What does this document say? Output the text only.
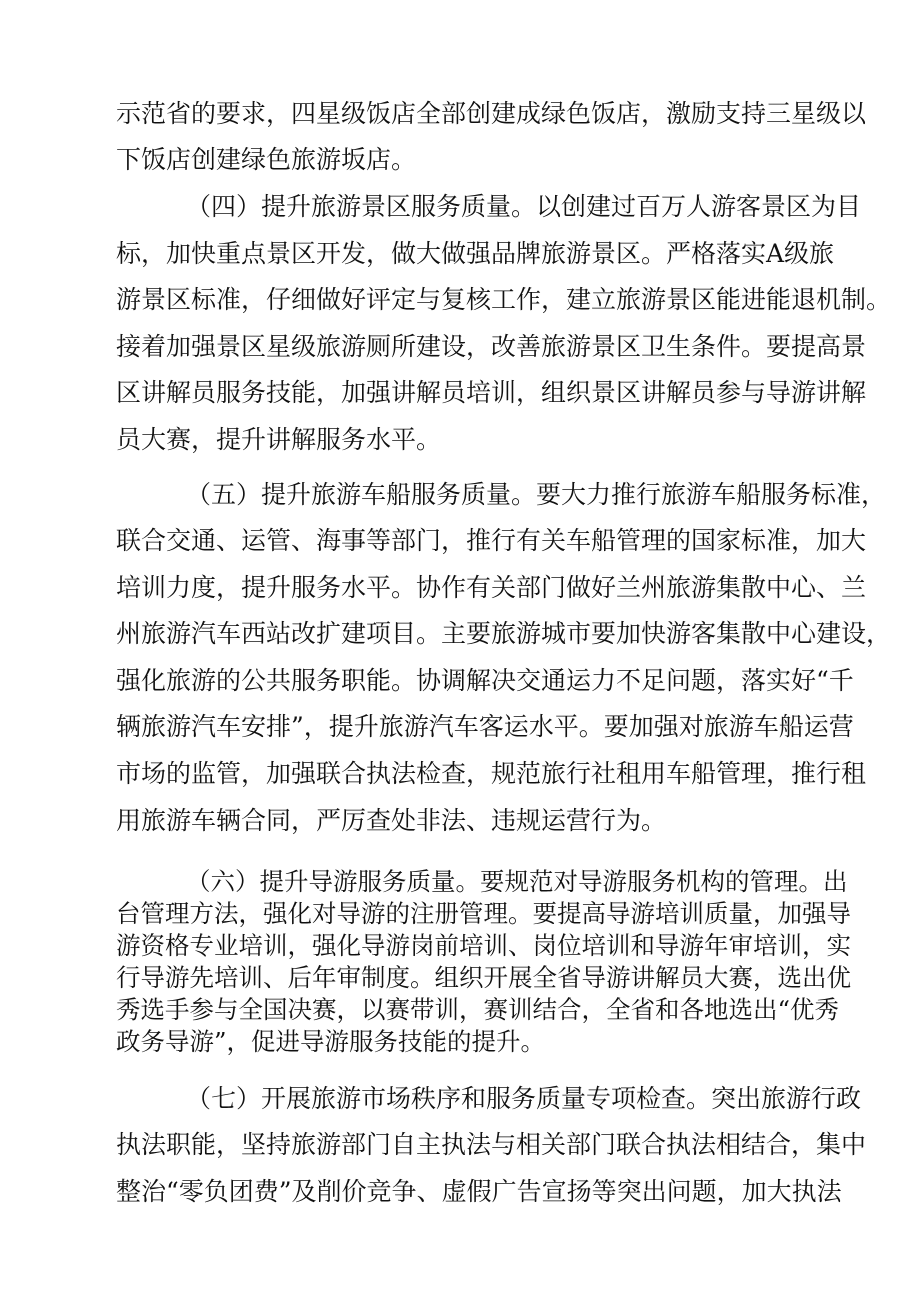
示范省的要求，四星级饭店全部创建成绿色饭店，激励支持三星级以
下饭店创建绿色旅游坂店。
（四）提升旅游景区服务质量。以创建过百万人游客景区为目
标，加快重点景区开发，做大做强品牌旅游景区。严格落实A级旅
游景区标准，仔细做好评定与复核工作，建立旅游景区能进能退机制。
接着加强景区星级旅游厕所建设，改善旅游景区卫生条件。要提高景
区讲解员服务技能，加强讲解员培训，组织景区讲解员参与导游讲解
员大赛，提升讲解服务水平。
（五）提升旅游车船服务质量。要大力推行旅游车船服务标准，
联合交通、运管、海事等部门，推行有关车船管理的国家标准，加大
培训力度，提升服务水平。协作有关部门做好兰州旅游集散中心、兰
州旅游汽车西站改扩建项目。主要旅游城市要加快游客集散中心建设，
强化旅游的公共服务职能。协调解决交通运力不足问题，落实好“千
辆旅游汽车安排”，提升旅游汽车客运水平。要加强对旅游车船运营
市场的监管，加强联合执法检查，规范旅行社租用车船管理，推行租
用旅游车辆合同，严厉查处非法、违规运营行为。
（六）提升导游服务质量。要规范对导游服务机构的管理。出
台管理方法，强化对导游的注册管理。要提高导游培训质量，加强导
游资格专业培训，强化导游岗前培训、岗位培训和导游年审培训，实
行导游先培训、后年审制度。组织开展全省导游讲解员大赛，选出优
秀选手参与全国决赛，以赛带训，赛训结合，全省和各地选出“优秀
政务导游”，促进导游服务技能的提升。
（七）开展旅游市场秩序和服务质量专项检查。突出旅游行政
执法职能，坚持旅游部门自主执法与相关部门联合执法相结合，集中
整治“零负团费”及削价竞争、虚假广告宣扬等突出问题，加大执法
